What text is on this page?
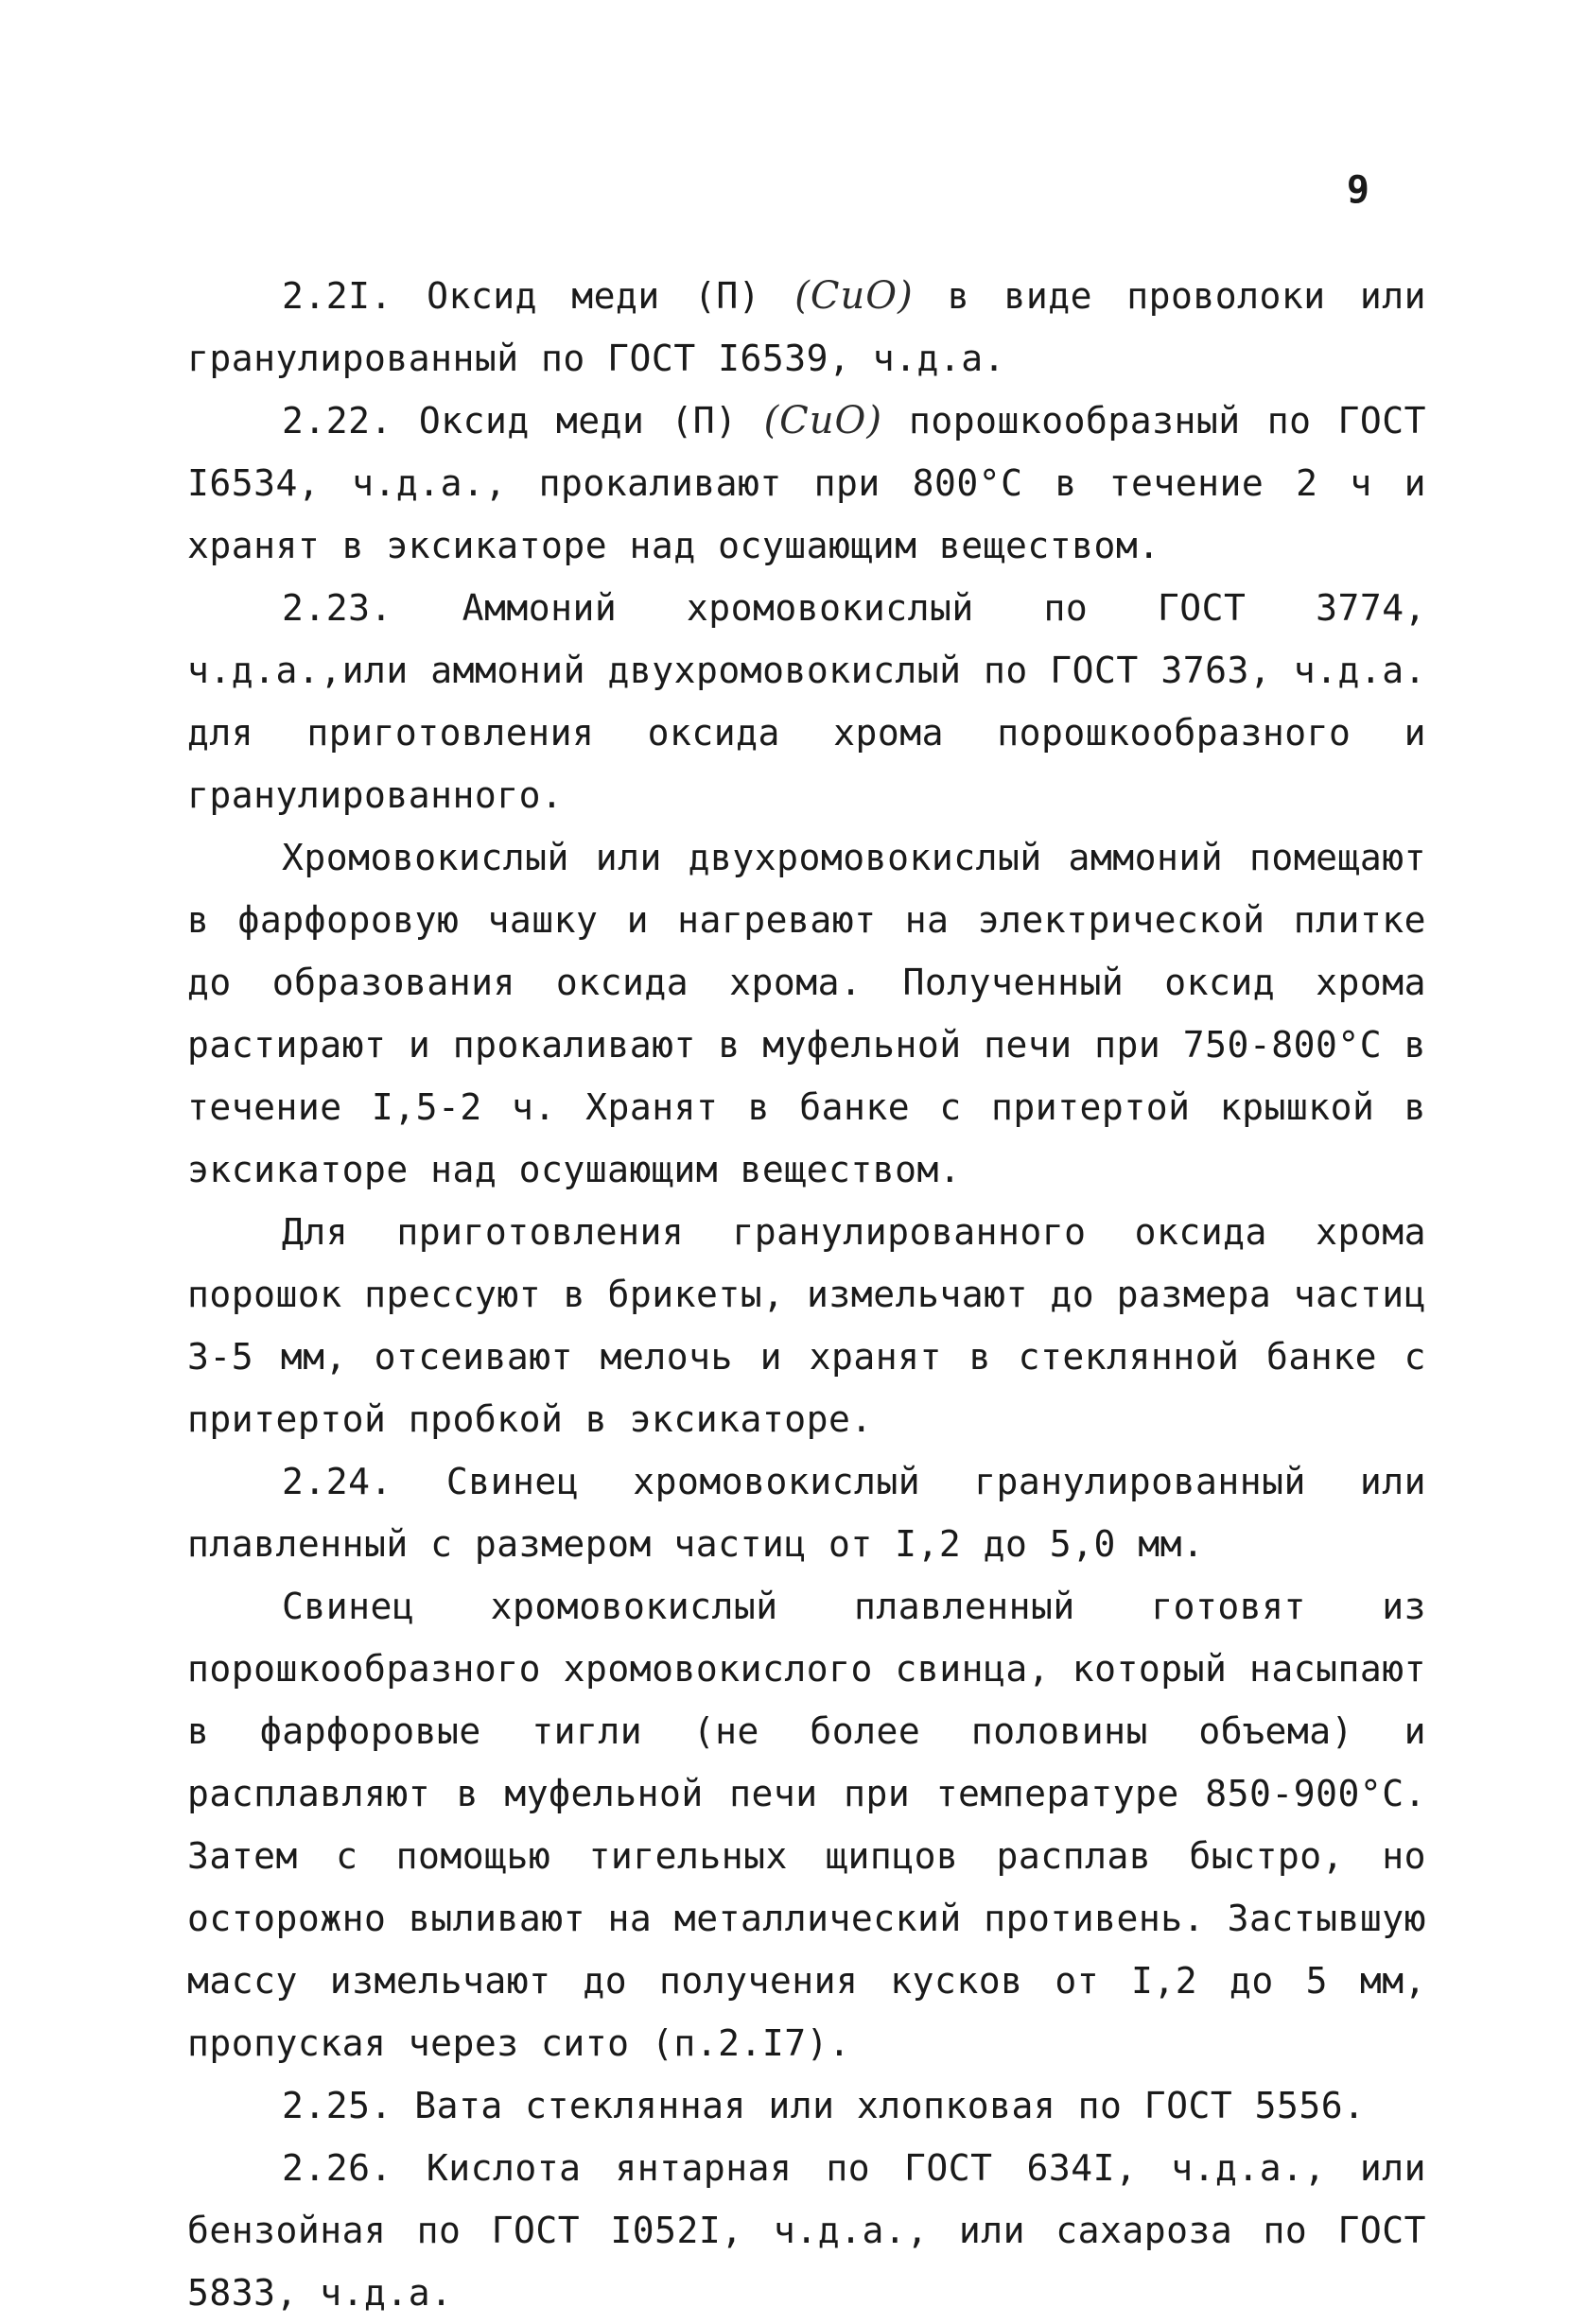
9

2.2I. Оксид меди (П) (CuO) в виде проволоки или гранулированный по ГОСТ I6539, ч.д.а.

2.22. Оксид меди (П) (CuO) порошкообразный по ГОСТ I6534, ч.д.а., прокаливают при 800°С в течение 2 ч и хранят в эксикаторе над осушающим веществом.

2.23. Аммоний хромовокислый по ГОСТ 3774, ч.д.а.,или аммоний двухромовокислый по ГОСТ 3763, ч.д.а. для приготовления оксида хрома порошкообразного и гранулированного.

Хромовокислый или двухромовокислый аммоний помещают в фарфоровую чашку и нагревают на электрической плитке до образования оксида хрома. Полученный оксид хрома растирают и прокаливают в муфельной печи при 750-800°С в течение I,5-2 ч. Хранят в банке с притертой крышкой в эксикаторе над осушающим веществом.

Для приготовления гранулированного оксида хрома порошок прессуют в брикеты, измельчают до размера частиц 3-5 мм, отсеивают мелочь и хранят в стеклянной банке с притертой пробкой в эксикаторе.

2.24. Свинец хромовокислый гранулированный или плавленный с размером частиц от I,2 до 5,0 мм.

Свинец хромовокислый плавленный готовят из порошкообразного хромовокислого свинца, который насыпают в фарфоровые тигли (не более половины объема) и расплавляют в муфельной печи при температуре 850-900°С. Затем с помощью тигельных щипцов расплав быстро, но осторожно выливают на металлический противень. Застывшую массу измельчают до получения кусков от I,2 до 5 мм, пропуская через сито (п.2.I7).

2.25. Вата стеклянная или хлопковая по ГОСТ 5556.

2.26. Кислота янтарная по ГОСТ 634I, ч.д.а., или бензойная по ГОСТ I052I, ч.д.а., или сахароза по ГОСТ 5833, ч.д.а.
